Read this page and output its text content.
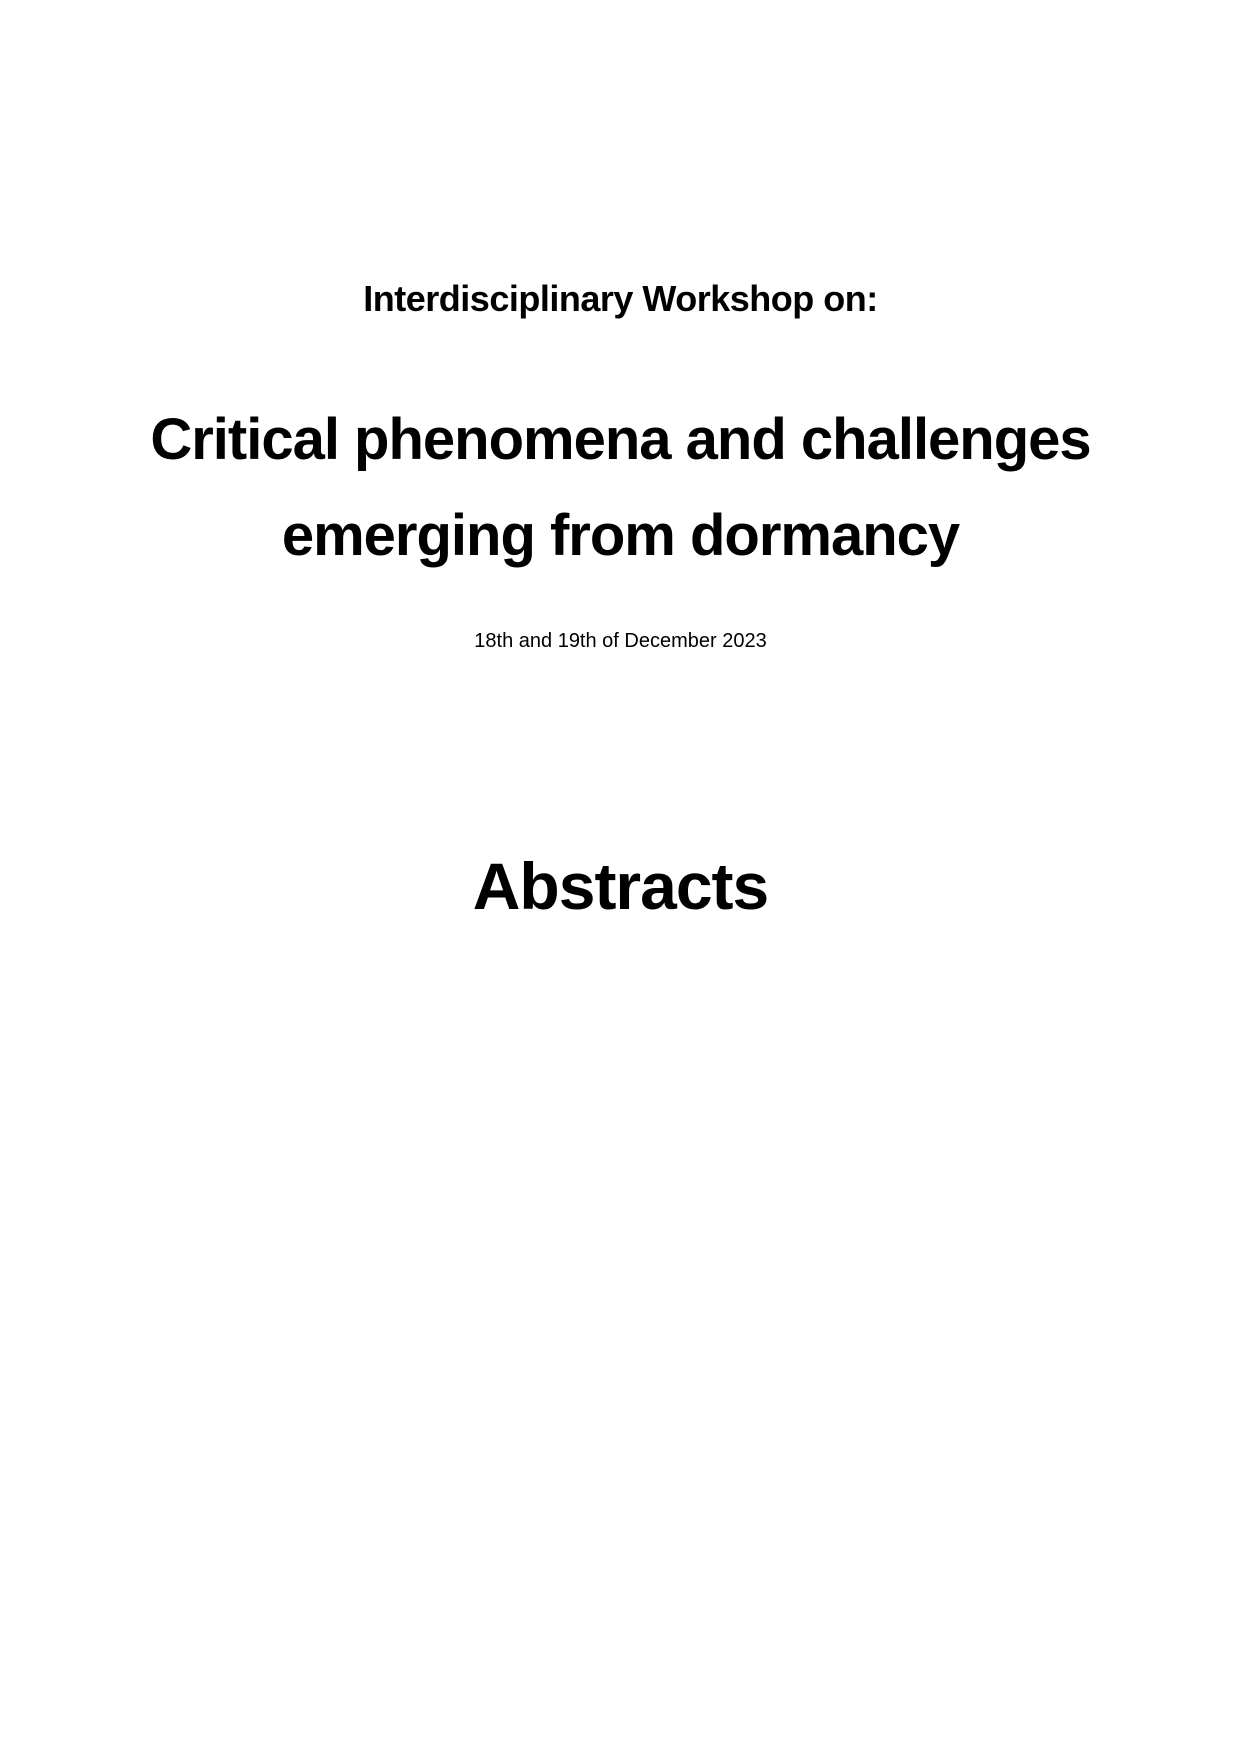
Interdisciplinary Workshop on:
Critical phenomena and challenges
emerging from dormancy
18th and 19th of December 2023
Abstracts
